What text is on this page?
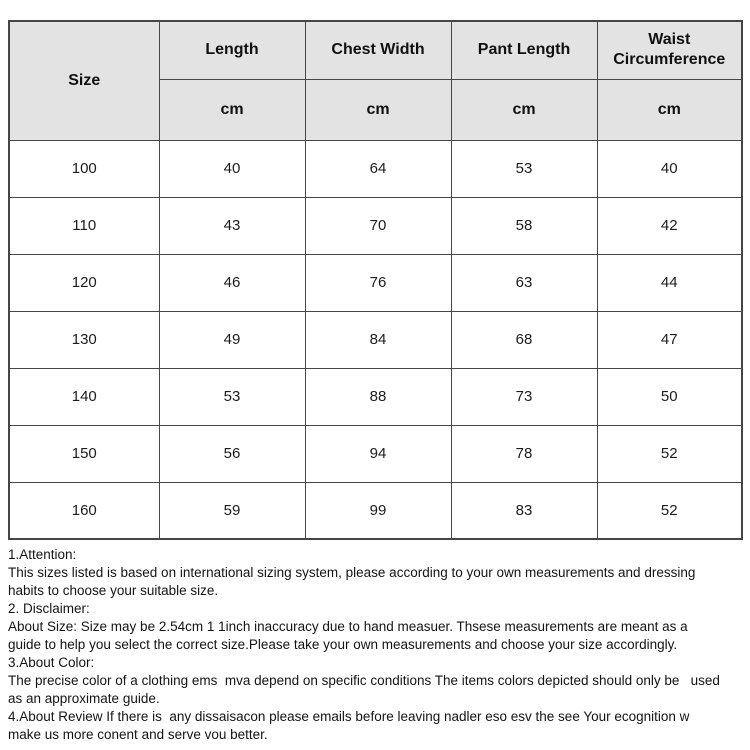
Size	Length	Chest Width	Pant Length	Waist Circumference
	cm	cm	cm	cm
100	40	64	53	40
110	43	70	58	42
120	46	76	63	44
130	49	84	68	47
140	53	88	73	50
150	56	94	78	52
160	59	99	83	52
1.Attention:
This sizes listed is based on international sizing system, please according to your own measurements and dressing
habits to choose your suitable size.
2. Disclaimer:
About Size: Size may be 2.54cm 1 1inch inaccuracy due to hand measuer. Thsese measurements are meant as a
guide to help you select the correct size.Please take your own measurements and choose your size accordingly.
3.About Color:
The precise color of a clothing ems  mva depend on specific conditions The items colors depicted should only be   used
as an approximate guide.
4.About Review If there is  any dissaisacon please emails before leaving nadler eso esv the see Your ecognition w
make us more conent and serve vou better.
